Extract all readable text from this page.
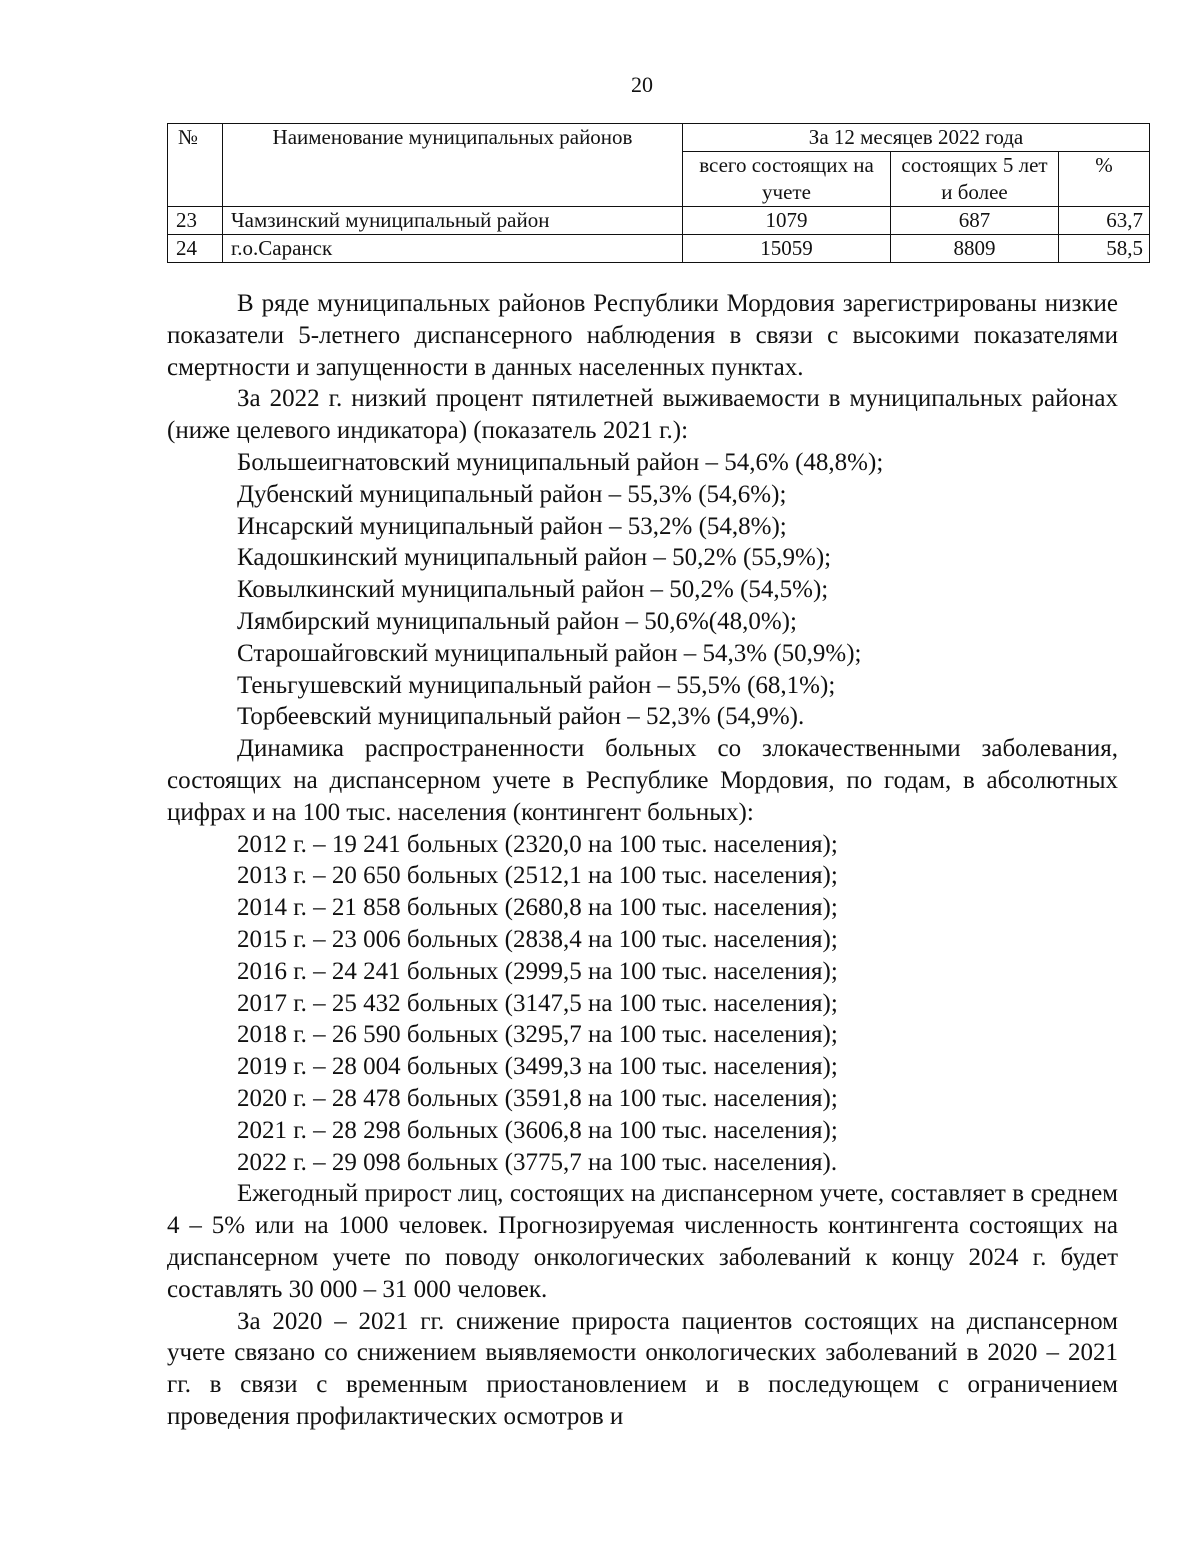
20
№	Наименование муниципальных районов	За 12 месяцев 2022 года		
		всего состоящих на учете	состоящих 5 лет и более	%
23	Чамзинский муниципальный район	1079	687	63,7
24	г.о.Саранск	15059	8809	58,5

В ряде муниципальных районов Республики Мордовия зарегистрированы низкие показатели 5-летнего диспансерного наблюдения в связи с высокими показателями смертности и запущенности в данных населенных пунктах.

За 2022 г. низкий процент пятилетней выживаемости в муниципальных районах (ниже целевого индикатора) (показатель 2021 г.):

Большеигнатовский муниципальный район – 54,6% (48,8%);
Дубенский муниципальный район – 55,3% (54,6%);
Инсарский муниципальный район – 53,2% (54,8%);
Кадошкинский муниципальный район – 50,2% (55,9%);
Ковылкинский муниципальный район – 50,2% (54,5%);
Лямбирский муниципальный район – 50,6%(48,0%);
Старошайговский муниципальный район – 54,3% (50,9%);
Теньгушевский муниципальный район – 55,5% (68,1%);
Торбеевский муниципальный район – 52,3% (54,9%).

Динамика распространенности больных со злокачественными заболевания, состоящих на диспансерном учете в Республике Мордовия, по годам, в абсолютных цифрах и на 100 тыс. населения (контингент больных):

2012 г. – 19 241 больных (2320,0 на 100 тыс. населения);
2013 г. – 20 650 больных (2512,1 на 100 тыс. населения);
2014 г. – 21 858 больных (2680,8 на 100 тыс. населения);
2015 г. – 23 006 больных (2838,4 на 100 тыс. населения);
2016 г. – 24 241 больных (2999,5 на 100 тыс. населения);
2017 г. – 25 432 больных (3147,5 на 100 тыс. населения);
2018 г. – 26 590 больных (3295,7 на 100 тыс. населения);
2019 г. – 28 004 больных (3499,3 на 100 тыс. населения);
2020 г. – 28 478 больных (3591,8 на 100 тыс. населения);
2021 г. – 28 298 больных (3606,8 на 100 тыс. населения);
2022 г. – 29 098 больных (3775,7 на 100 тыс. населения).

Ежегодный прирост лиц, состоящих на диспансерном учете, составляет в среднем 4 – 5% или на 1000 человек. Прогнозируемая численность контингента состоящих на диспансерном учете по поводу онкологических заболеваний к концу 2024 г. будет составлять 30 000 – 31 000 человек.

За 2020 – 2021 гг. снижение прироста пациентов состоящих на диспансерном учете связано со снижением выявляемости онкологических заболеваний в 2020 – 2021 гг. в связи с временным приостановлением и в последующем с ограничением проведения профилактических осмотров и
